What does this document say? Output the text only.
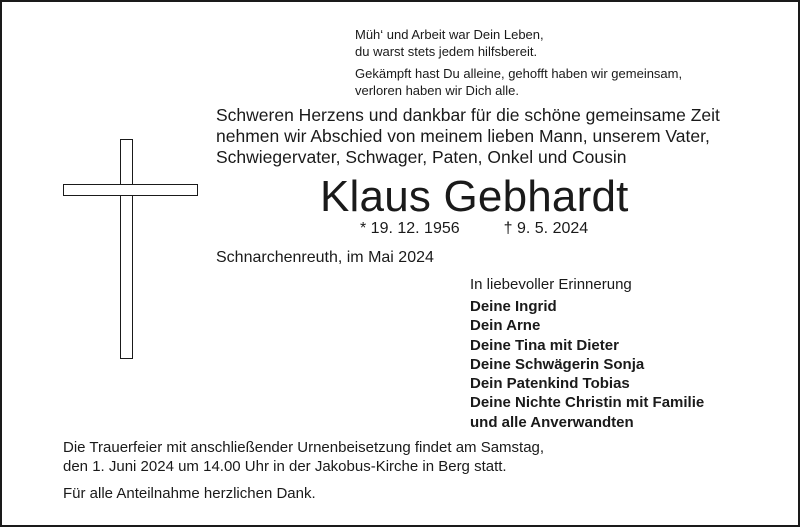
Müh‘ und Arbeit war Dein Leben,
du warst stets jedem hilfsbereit.
Gekämpft hast Du alleine, gehofft haben wir gemeinsam,
verloren haben wir Dich alle.
Schweren Herzens und dankbar für die schöne gemeinsame Zeit
nehmen wir Abschied von meinem lieben Mann, unserem Vater,
Schwiegervater, Schwager, Paten, Onkel und Cousin
Klaus Gebhardt
* 19. 12. 1956	† 9. 5. 2024
Schnarchenreuth, im Mai 2024
In liebevoller Erinnerung
Deine Ingrid
Dein Arne
Deine Tina mit Dieter
Deine Schwägerin Sonja
Dein Patenkind Tobias
Deine Nichte Christin mit Familie
und alle Anverwandten
Die Trauerfeier mit anschließender Urnenbeisetzung findet am Samstag,
den 1. Juni 2024 um 14.00 Uhr in der Jakobus-Kirche in Berg statt.
Für alle Anteilnahme herzlichen Dank.
